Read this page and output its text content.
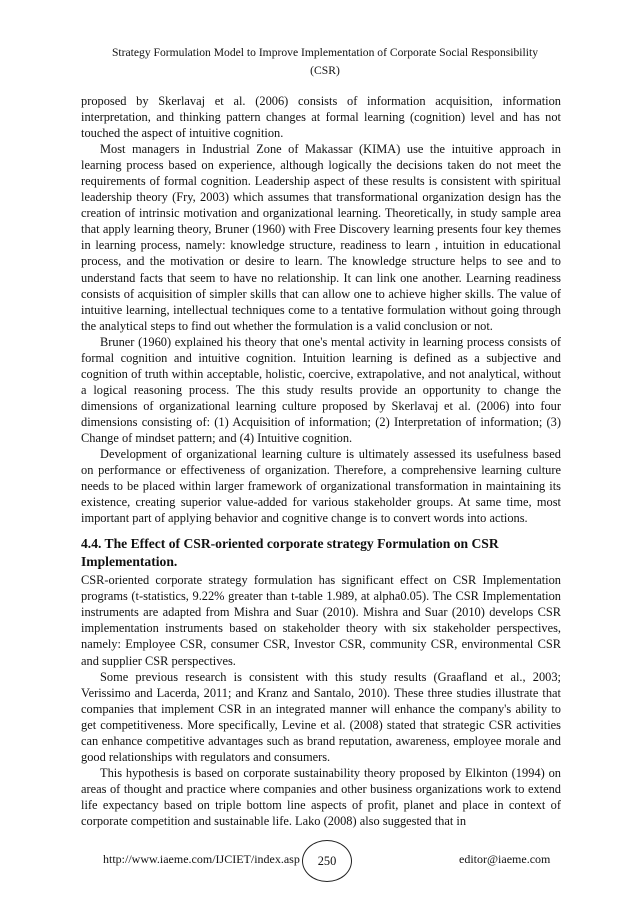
Strategy Formulation Model to Improve Implementation of Corporate Social Responsibility
(CSR)

proposed by Skerlavaj et al. (2006) consists of information acquisition, information interpretation, and thinking pattern changes at formal learning (cognition) level and has not touched the aspect of intuitive cognition.

Most managers in Industrial Zone of Makassar (KIMA) use the intuitive approach in learning process based on experience, although logically the decisions taken do not meet the requirements of formal cognition. Leadership aspect of these results is consistent with spiritual leadership theory (Fry, 2003) which assumes that transformational organization design has the creation of intrinsic motivation and organizational learning. Theoretically, in study sample area that apply learning theory, Bruner (1960) with Free Discovery learning presents four key themes in learning process, namely: knowledge structure, readiness to learn , intuition in educational process, and the motivation or desire to learn. The knowledge structure helps to see and to understand facts that seem to have no relationship. It can link one another. Learning readiness consists of acquisition of simpler skills that can allow one to achieve higher skills. The value of intuitive learning, intellectual techniques come to a tentative formulation without going through the analytical steps to find out whether the formulation is a valid conclusion or not.

Bruner (1960) explained his theory that one's mental activity in learning process consists of formal cognition and intuitive cognition. Intuition learning is defined as a subjective and cognition of truth within acceptable, holistic, coercive, extrapolative, and not analytical, without a logical reasoning process. The this study results provide an opportunity to change the dimensions of organizational learning culture proposed by Skerlavaj et al. (2006) into four dimensions consisting of: (1) Acquisition of information; (2) Interpretation of information; (3) Change of mindset pattern; and (4) Intuitive cognition.

Development of organizational learning culture is ultimately assessed its usefulness based on performance or effectiveness of organization. Therefore, a comprehensive learning culture needs to be placed within larger framework of organizational transformation in maintaining its existence, creating superior value-added for various stakeholder groups. At same time, most important part of applying behavior and cognitive change is to convert words into actions.

4.4. The Effect of CSR-oriented corporate strategy Formulation on CSR Implementation.

CSR-oriented corporate strategy formulation has significant effect on CSR Implementation programs (t-statistics, 9.22% greater than t-table 1.989, at alpha0.05). The CSR Implementation instruments are adapted from Mishra and Suar (2010). Mishra and Suar (2010) develops CSR implementation instruments based on stakeholder theory with six stakeholder perspectives, namely: Employee CSR, consumer CSR, Investor CSR, community CSR, environmental CSR and supplier CSR perspectives.

Some previous research is consistent with this study results (Graafland et al., 2003; Verissimo and Lacerda, 2011; and Kranz and Santalo, 2010). These three studies illustrate that companies that implement CSR in an integrated manner will enhance the company's ability to get competitiveness. More specifically, Levine et al. (2008) stated that strategic CSR activities can enhance competitive advantages such as brand reputation, awareness, employee morale and good relationships with regulators and consumers.

This hypothesis is based on corporate sustainability theory proposed by Elkinton (1994) on areas of thought and practice where companies and other business organizations work to extend life expectancy based on triple bottom line aspects of profit, planet and place in context of corporate competition and sustainable life. Lako (2008) also suggested that in

http://www.iaeme.com/IJCIET/index.asp 250	editor@iaeme.com
